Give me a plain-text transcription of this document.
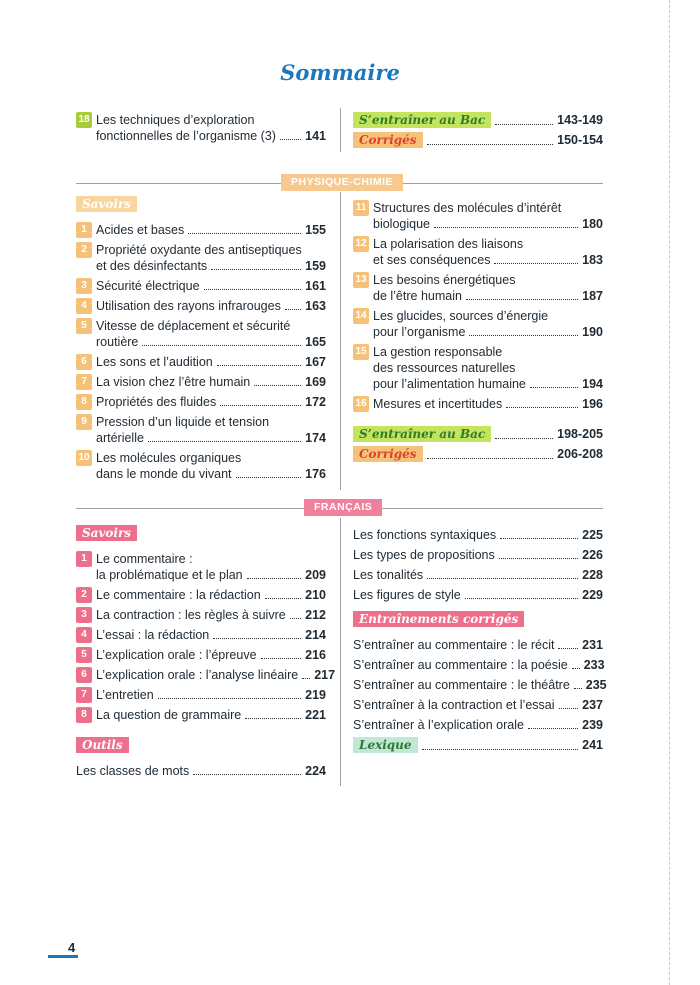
Sommaire
18 Les techniques d’exploration
fonctionnelles de l’organisme (3) 141
S’entraîner au Bac	143-149
Corrigés	150-154
PHYSIQUE-CHIMIE
Savoirs
1 Acides et bases	155
2 Propriété oxydante des antiseptiques
et des désinfectants	159
3 Sécurité électrique	161
4 Utilisation des rayons infrarouges 163
5 Vitesse de déplacement et sécurité
routière	165
6 Les sons et l’audition	167
7 La vision chez l’être humain	169
8 Propriétés des fluides	172
9 Pression d’un liquide et tension
artérielle	174
10 Les molécules organiques
dans le monde du vivant	176
11 Structures des molécules d’intérêt
biologique	180
12 La polarisation des liaisons
et ses conséquences	183
13 Les besoins énergétiques
de l’être humain	187
14 Les glucides, sources d’énergie
pour l’organisme	190
15 La gestion responsable
des ressources naturelles
pour l’alimentation humaine	194
16 Mesures et incertitudes	196
S’entraîner au Bac	198-205
Corrigés	206-208
FRANÇAIS
Savoirs
1 Le commentaire :
la problématique et le plan	209
2 Le commentaire : la rédaction	210
3 La contraction : les règles à suivre 212
4 L’essai : la rédaction	214
5 L’explication orale : l’épreuve	216
6 L’explication orale : l’analyse linéaire 217
7 L’entretien	219
8 La question de grammaire	221
Outils
Les classes de mots	224
Les fonctions syntaxiques	225
Les types de propositions	226
Les tonalités	228
Les figures de style	229
Entraînements corrigés
S’entraîner au commentaire : le récit 231
S’entraîner au commentaire : la poésie 233
S’entraîner au commentaire : le théâtre 235
S’entraîner à la contraction et l’essai 237
S’entraîner à l’explication orale	239
Lexique	241
4
